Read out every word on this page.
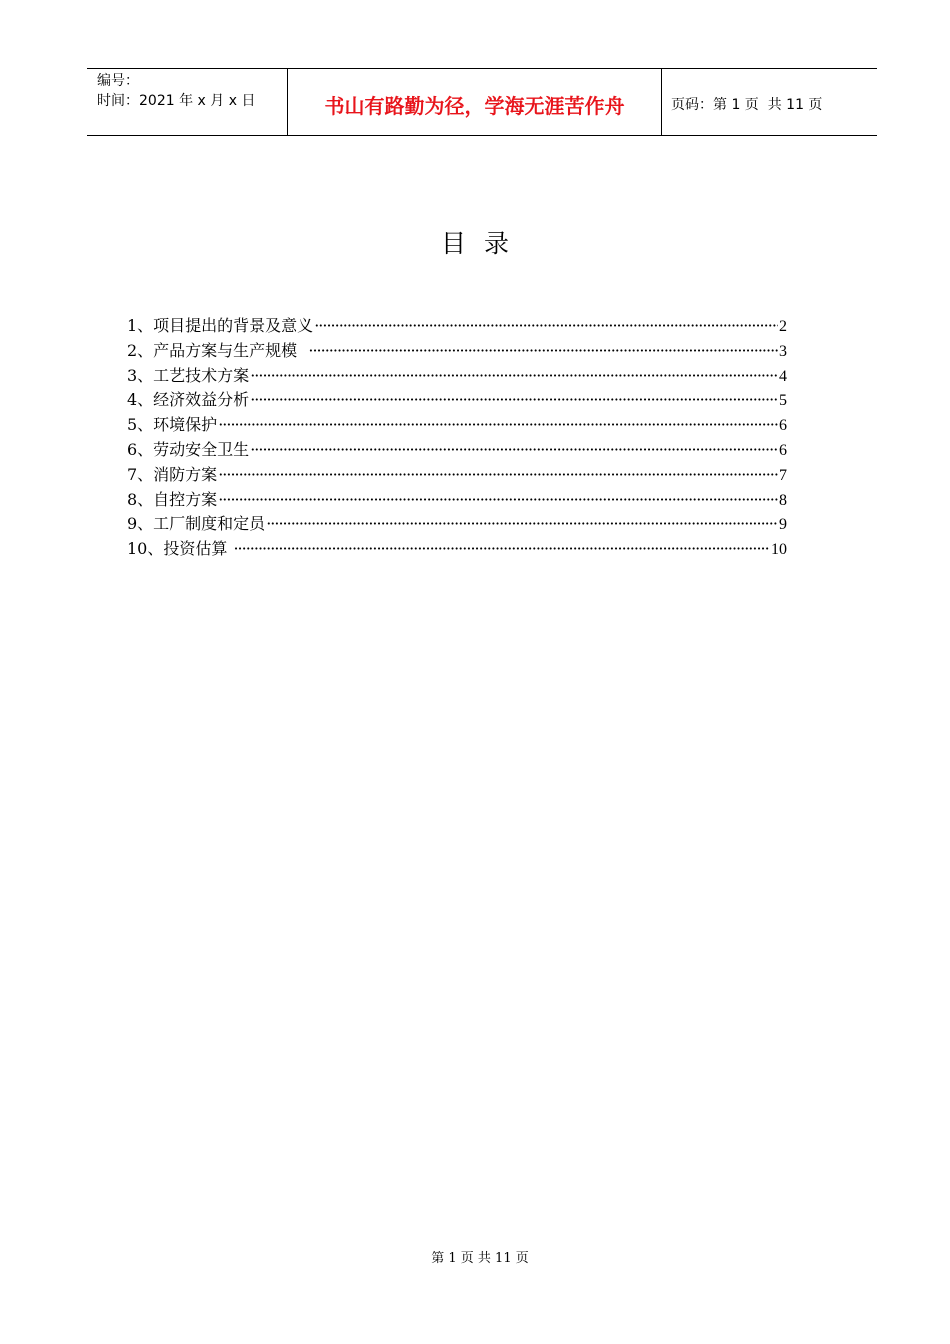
编号：
时间：2021 年 x 月 x 日	书山有路勤为径，学海无涯苦作舟	页码：第 1 页  共 11 页
目录
1、项目提出的背景及意义 ·····	2
2、产品方案与生产规模 ·····	3
3、工艺技术方案 ·····	4
4、经济效益分析 ·····	5
5、环境保护 ·····	6
6、劳动安全卫生 ·····	6
7、消防方案 ·····	7
8、自控方案 ·····	8
9、工厂制度和定员 ·····	9
10、投资估算 ·····	10
第 1 页 共 11 页
